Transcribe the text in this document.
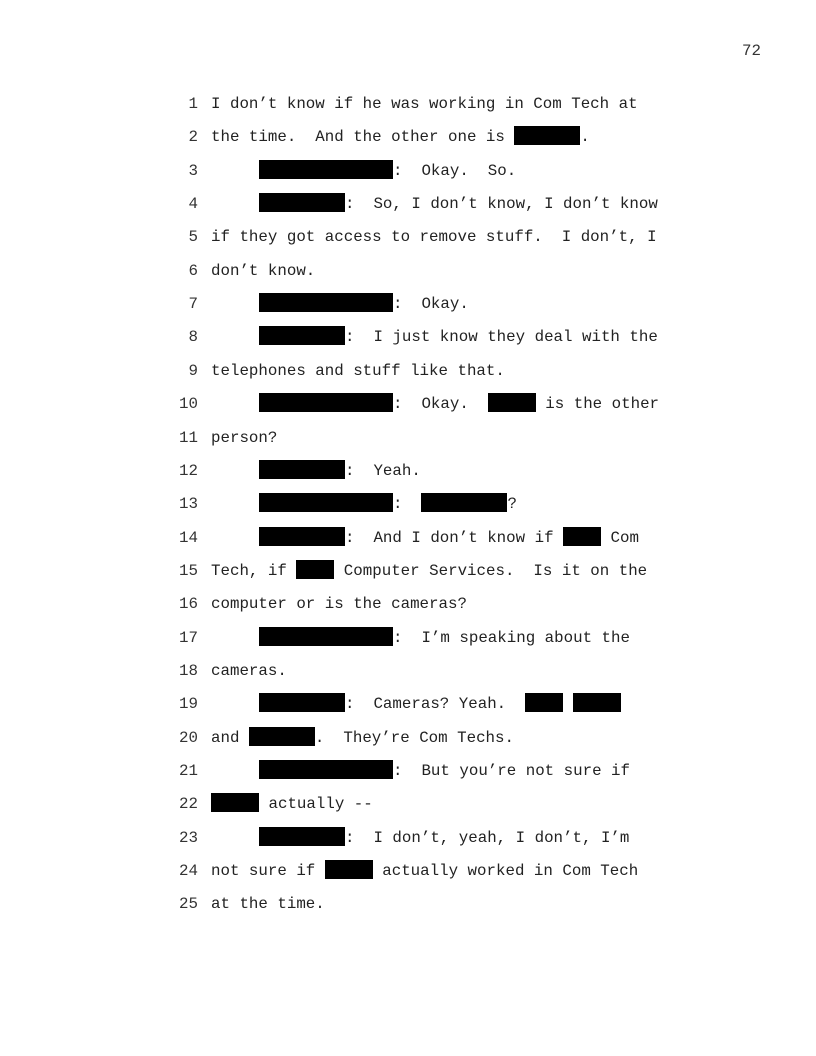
72
1 I don’t know if he was working in Com Tech at
2 the time.  And the other one is	.
3	:  Okay.  So.
4	:  So, I don’t know, I don’t know
5 if they got access to remove stuff.  I don’t, I
6 don’t know.
7	:  Okay.
8	:  I just know they deal with the
9 telephones and stuff like that.
10	:  Okay.	is the other
11 person?
12	:  Yeah.
13	:	?
14	:  And I don’t know if  Com
15 Tech, if  Computer Services.  Is it on the
16 computer or is the cameras?
17	:  I’m speaking about the
18 cameras.
19	:  Cameras? Yeah.
20 and	.  They’re Com Techs.
21	:  But you’re not sure if
22	actually --
23	:  I don’t, yeah, I don’t, I’m
24 not sure if	actually worked in Com Tech
25 at the time.
